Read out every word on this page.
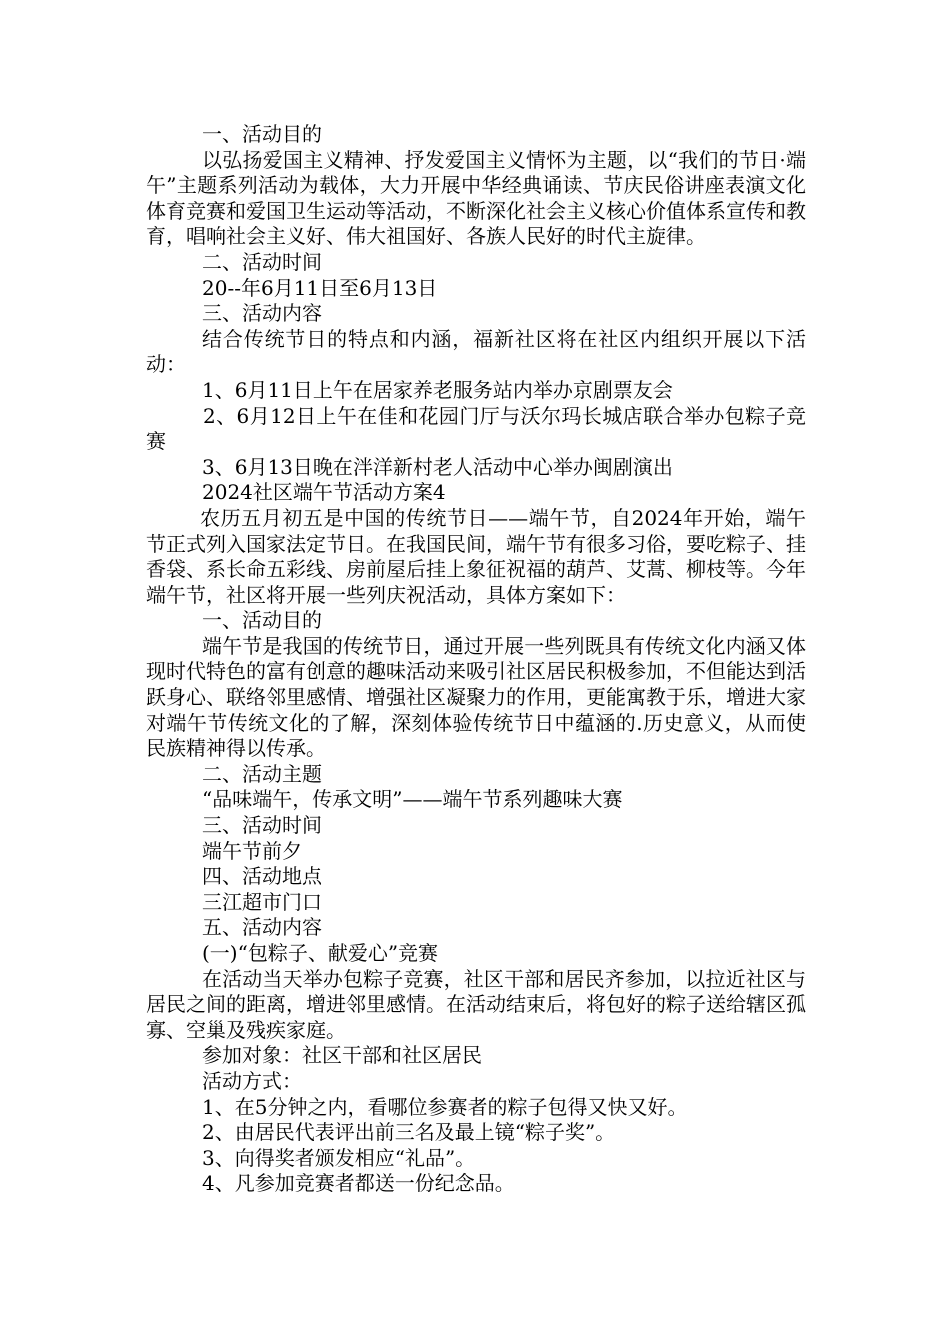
一、活动目的

以弘扬爱国主义精神、抒发爱国主义情怀为主题，以“我们的节日·端午”主题系列活动为载体，大力开展中华经典诵读、节庆民俗讲座表演文化体育竞赛和爱国卫生运动等活动，不断深化社会主义核心价值体系宣传和教育，唱响社会主义好、伟大祖国好、各族人民好的时代主旋律。

二、活动时间

20--年6月11日至6月13日

三、活动内容

结合传统节日的特点和内涵，福新社区将在社区内组织开展以下活动：

1、6月11日上午在居家养老服务站内举办京剧票友会

2、6月12日上午在佳和花园门厅与沃尔玛长城店联合举办包粽子竞赛

3、6月13日晚在泮洋新村老人活动中心举办闽剧演出

2024社区端午节活动方案4

农历五月初五是中国的传统节日——端午节，自2024年开始，端午节正式列入国家法定节日。在我国民间，端午节有很多习俗，要吃粽子、挂香袋、系长命五彩线、房前屋后挂上象征祝福的葫芦、艾蒿、柳枝等。今年端午节，社区将开展一些列庆祝活动，具体方案如下：

一、活动目的

端午节是我国的传统节日，通过开展一些列既具有传统文化内涵又体现时代特色的富有创意的趣味活动来吸引社区居民积极参加，不但能达到活跃身心、联络邻里感情、增强社区凝聚力的作用，更能寓教于乐，增进大家对端午节传统文化的了解，深刻体验传统节日中蕴涵的.历史意义，从而使民族精神得以传承。

二、活动主题

“品味端午，传承文明”——端午节系列趣味大赛

三、活动时间

端午节前夕

四、活动地点

三江超市门口

五、活动内容

(一)“包粽子、献爱心”竞赛

在活动当天举办包粽子竞赛，社区干部和居民齐参加，以拉近社区与居民之间的距离，增进邻里感情。在活动结束后，将包好的粽子送给辖区孤寡、空巢及残疾家庭。

参加对象：社区干部和社区居民

活动方式：

1、在5分钟之内，看哪位参赛者的粽子包得又快又好。

2、由居民代表评出前三名及最上镜“粽子奖”。

3、向得奖者颁发相应“礼品”。

4、凡参加竞赛者都送一份纪念品。
